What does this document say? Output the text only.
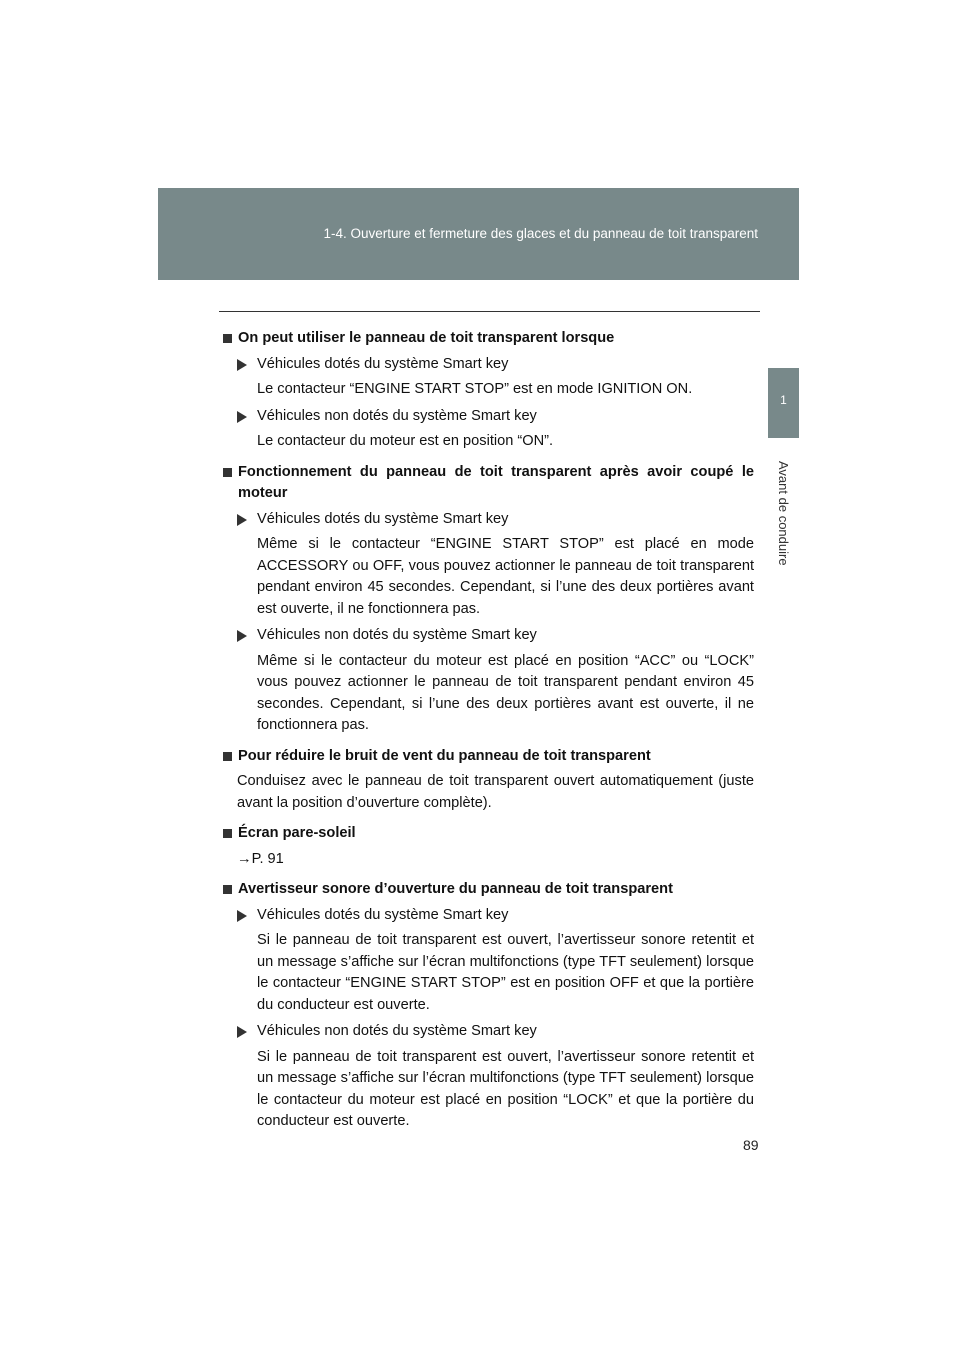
1-4. Ouverture et fermeture des glaces et du panneau de toit transparent
1
Avant de conduire
On peut utiliser le panneau de toit transparent lorsque
Véhicules dotés du système Smart key
Le contacteur “ENGINE START STOP” est en mode IGNITION ON.
Véhicules non dotés du système Smart key
Le contacteur du moteur est en position “ON”.
Fonctionnement du panneau de toit transparent après avoir coupé le moteur
Véhicules dotés du système Smart key
Même si le contacteur “ENGINE START STOP” est placé en mode ACCESSORY ou OFF, vous pouvez actionner le panneau de toit transparent pendant environ 45 secondes. Cependant, si l’une des deux portières avant est ouverte, il ne fonctionnera pas.
Véhicules non dotés du système Smart key
Même si le contacteur du moteur est placé en position “ACC” ou “LOCK” vous pouvez actionner le panneau de toit transparent pendant environ 45 secondes. Cependant, si l’une des deux portières avant est ouverte, il ne fonctionnera pas.
Pour réduire le bruit de vent du panneau de toit transparent
Conduisez avec le panneau de toit transparent ouvert automatiquement (juste avant la position d’ouverture complète).
Écran pare-soleil
→P. 91
Avertisseur sonore d’ouverture du panneau de toit transparent
Véhicules dotés du système Smart key
Si le panneau de toit transparent est ouvert, l’avertisseur sonore retentit et un message s’affiche sur l’écran multifonctions (type TFT seulement) lorsque le contacteur “ENGINE START STOP” est en position OFF et que la portière du conducteur est ouverte.
Véhicules non dotés du système Smart key
Si le panneau de toit transparent est ouvert, l’avertisseur sonore retentit et un message s’affiche sur l’écran multifonctions (type TFT seulement) lorsque le contacteur du moteur est placé en position “LOCK” et que la portière du conducteur est ouverte.
89
